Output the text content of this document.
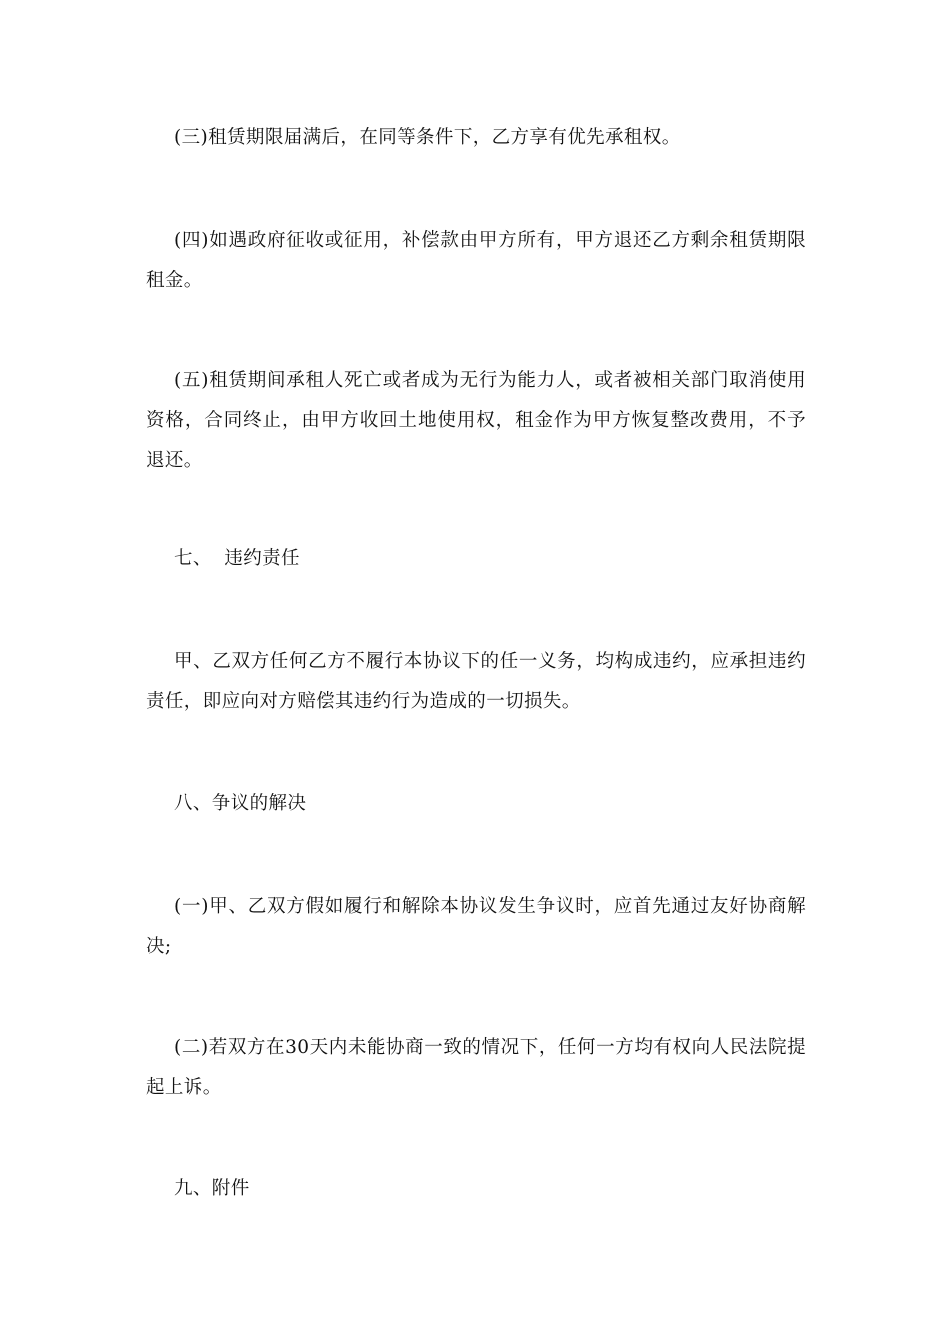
(三)租赁期限届满后，在同等条件下，乙方享有优先承租权。

(四)如遇政府征收或征用，补偿款由甲方所有，甲方退还乙方剩余租赁期限租金。

(五)租赁期间承租人死亡或者成为无行为能力人，或者被相关部门取消使用资格，合同终止，由甲方收回土地使用权，租金作为甲方恢复整改费用，不予退还。

七、  违约责任

甲、乙双方任何乙方不履行本协议下的任一义务，均构成违约，应承担违约责任，即应向对方赔偿其违约行为造成的一切损失。

八、争议的解决

(一)甲、乙双方假如履行和解除本协议发生争议时，应首先通过友好协商解决;

(二)若双方在30天内未能协商一致的情况下，任何一方均有权向人民法院提起上诉。

九、附件
